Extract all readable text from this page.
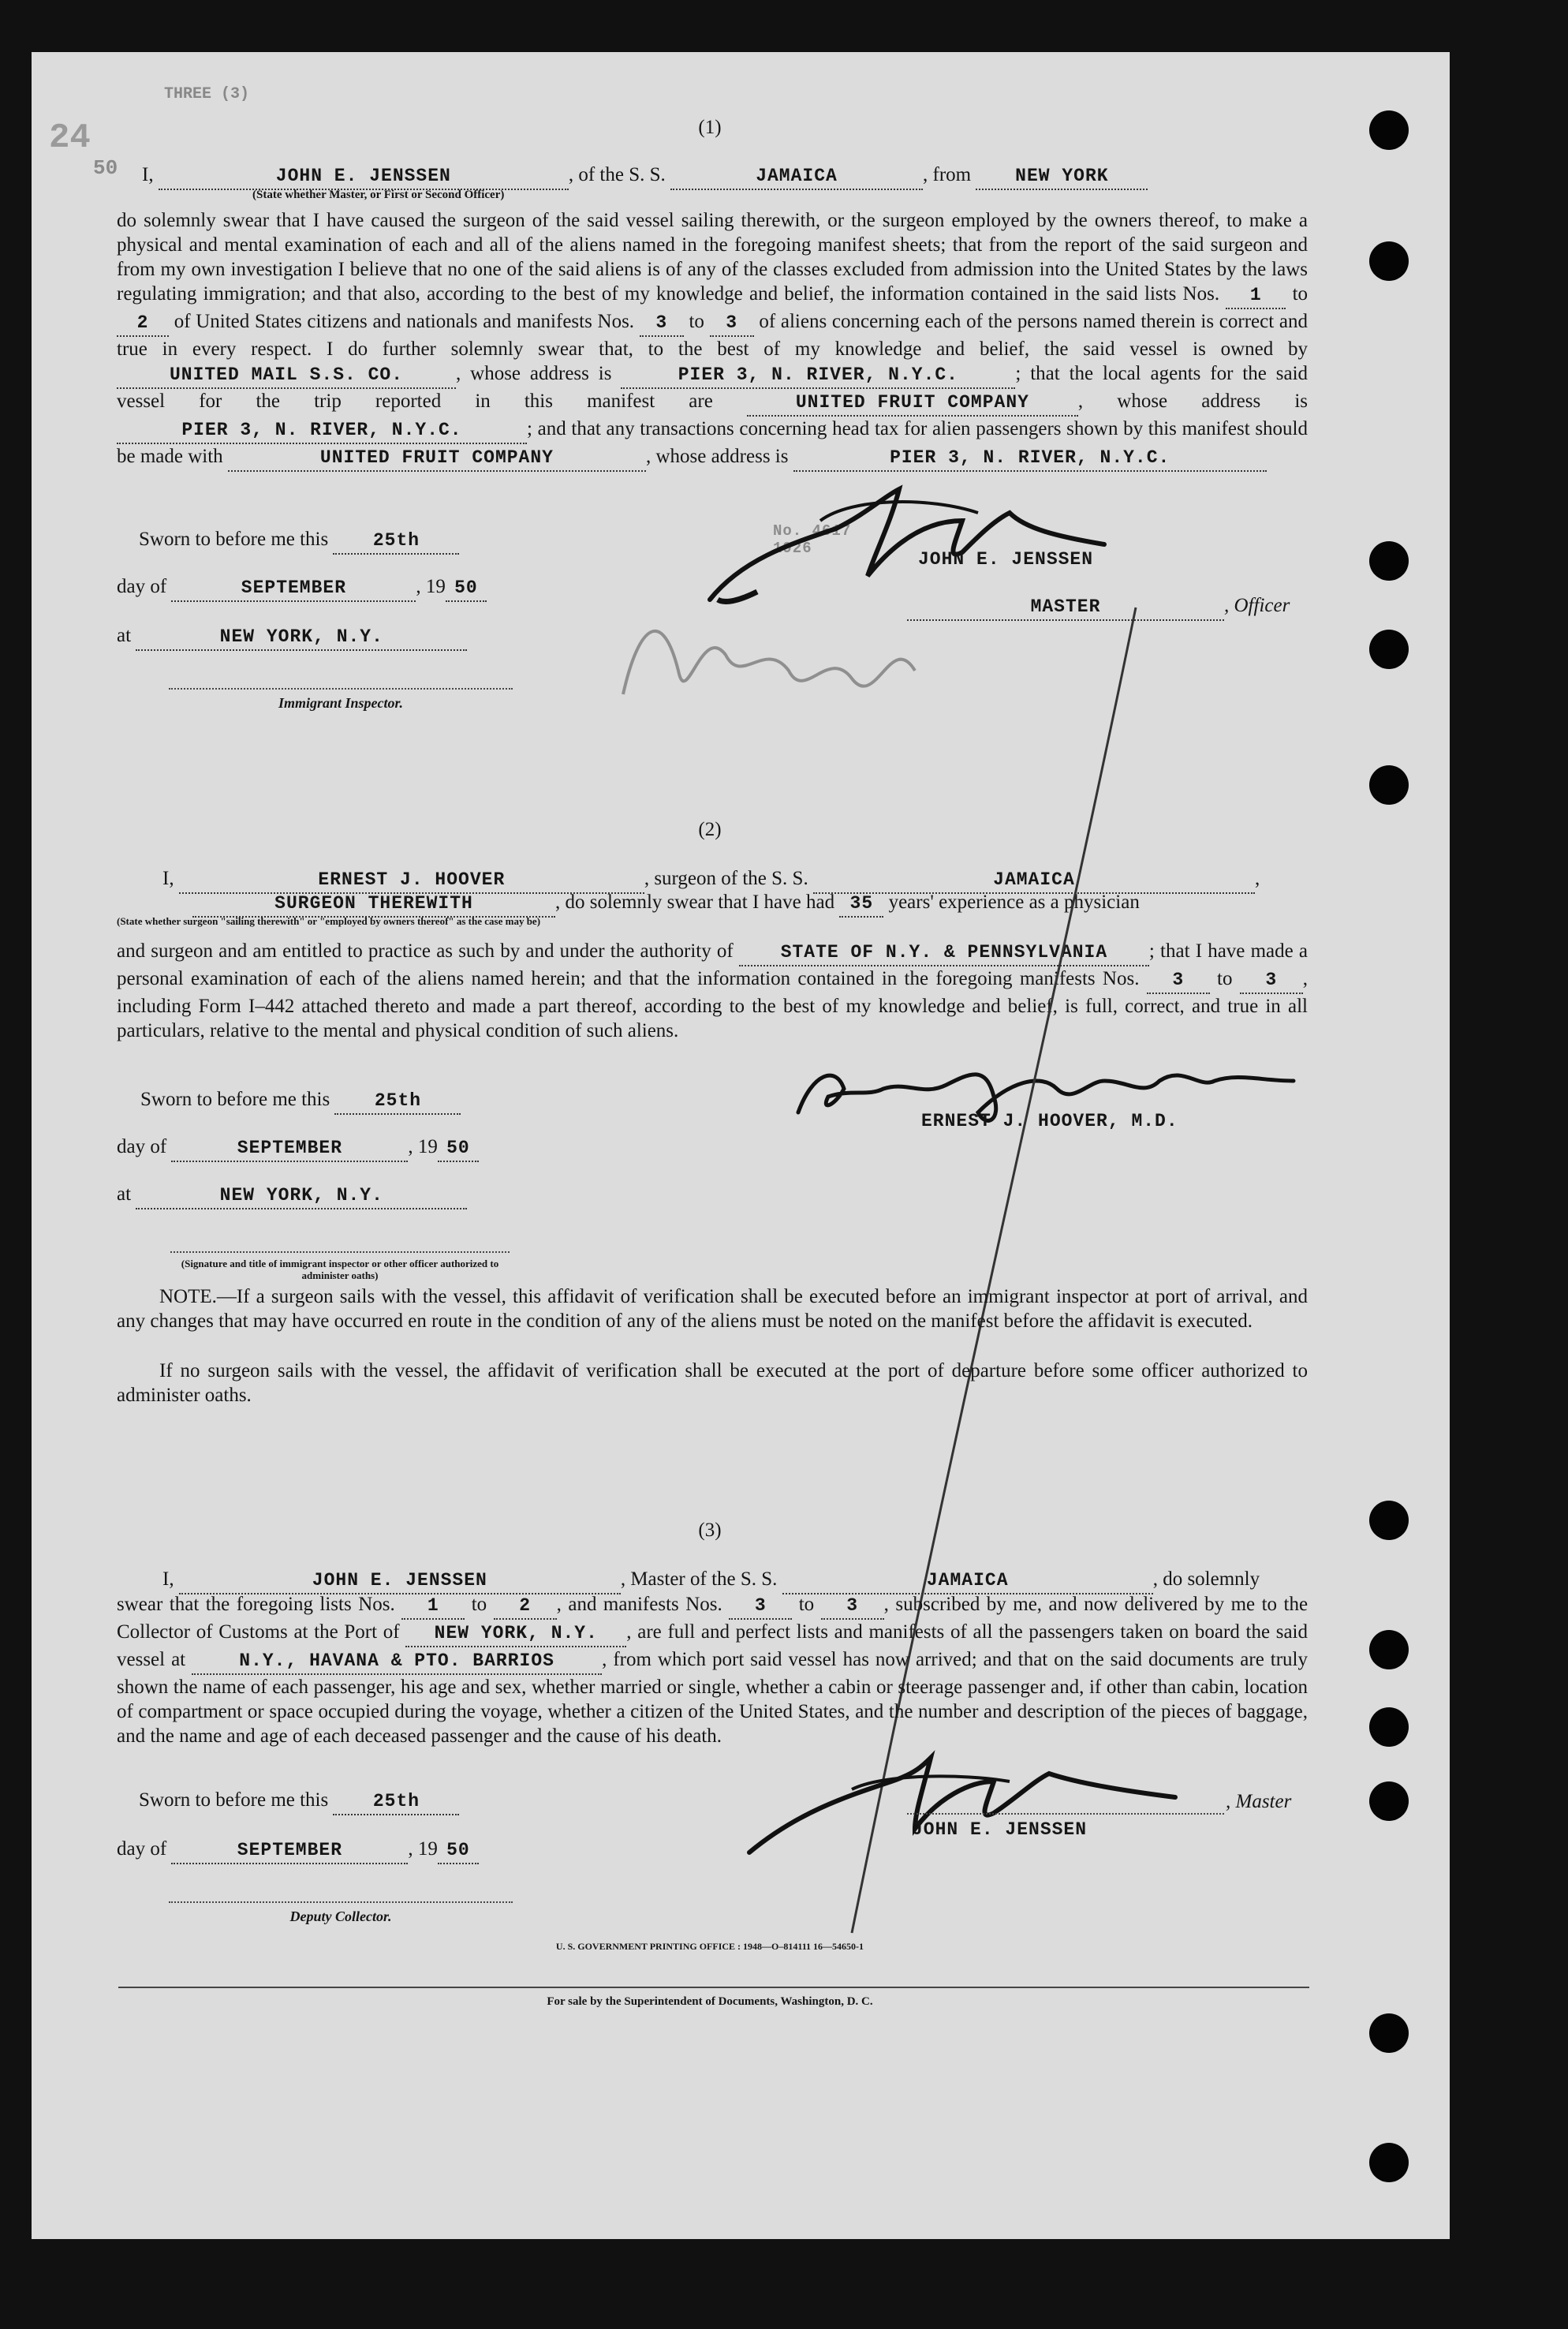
24
50
THREE (3)
(1)
I,	JOHN E. JENSSEN	, of the S. S.	JAMAICA	, from NEW YORK
(State whether Master, or First or Second Officer)
do solemnly swear that I have caused the surgeon of the said vessel sailing therewith, or the surgeon employed by the owners thereof, to make a physical and mental examination of each and all of the aliens named in the foregoing manifest sheets; that from the report of the said surgeon and from my own investigation I believe that no one of the said aliens is of any of the classes excluded from admission into the United States by the laws regulating immigration; and that also, according to the best of my knowledge and belief, the information contained in the said lists Nos. 1 to 2 of United States citizens and nationals and manifests Nos. 3 to 3 of aliens concerning each of the persons named therein is correct and true in every respect. I do further solemnly swear that, to the best of my knowledge and belief, the said vessel is owned by UNITED MAIL S.S. CO.	, whose address is	PIER 3, N. RIVER, N.Y.C.	; that the local agents for the said vessel for the trip reported in this manifest are	UNITED FRUIT COMPANY , whose address is PIER 3, N. RIVER, N.Y.C.	; and that any transactions concerning head tax for alien passengers shown by this manifest should be made with	UNITED FRUIT COMPANY	, whose address is	PIER 3, N. RIVER, N.Y.C.
Sworn to before me this 25th
day of	SEPTEMBER	, 19 50
at	NEW YORK, N.Y.
Immigrant Inspector.
No. 4617
1926
JOHN E. JENSSEN
MASTER	, Officer
(2)
I,	ERNEST J. HOOVER	, surgeon of the S. S.	JAMAICA	,
SURGEON THEREWITH	, do solemnly swear that I have had 35 years' experience as a physician
(State whether surgeon "sailing therewith" or "employed by owners thereof" as the case may be)
and surgeon and am entitled to practice as such by and under the authority of	STATE OF N.Y. & PENNSYLVANIA ; that I have made a personal examination of each of the aliens named herein; and that the information contained in the foregoing manifests Nos. 3 to 3 , including Form I–442 attached thereto and made a part thereof, according to the best of my knowledge and belief, is full, correct, and true in all particulars, relative to the mental and physical condition of such aliens.
Sworn to before me this 25th
day of	SEPTEMBER	, 19 50
at	NEW YORK, N.Y.
(Signature and title of immigrant inspector or other officer authorized to administer oaths)
ERNEST J. HOOVER, M.D.
NOTE.—If a surgeon sails with the vessel, this affidavit of verification shall be executed before an immigrant inspector at port of arrival, and any changes that may have occurred en route in the condition of any of the aliens must be noted on the manifest before the affidavit is executed.
If no surgeon sails with the vessel, the affidavit of verification shall be executed at the port of departure before some officer authorized to administer oaths.
(3)
I,	JOHN E. JENSSEN	, Master of the S. S.	JAMAICA	, do solemnly
swear that the foregoing lists Nos. 1 to 2 , and manifests Nos. 3 to 3 , subscribed by me, and now delivered by me to the Collector of Customs at the Port of NEW YORK, N.Y. , are full and perfect lists and manifests of all the passengers taken on board the said vessel at	N.Y., HAVANA & PTO. BARRIOS , from which port said vessel has now arrived; and that on the said documents are truly shown the name of each passenger, his age and sex, whether married or single, whether a cabin or steerage passenger and, if other than cabin, location of compartment or space occupied during the voyage, whether a citizen of the United States, and the number and description of the pieces of baggage, and the name and age of each deceased passenger and the cause of his death.
Sworn to before me this 25th
day of	SEPTEMBER	, 19 50
Deputy Collector.
, Master
JOHN E. JENSSEN
U. S. GOVERNMENT PRINTING OFFICE : 1948—O–814111 16—54650-1
For sale by the Superintendent of Documents, Washington, D. C.
